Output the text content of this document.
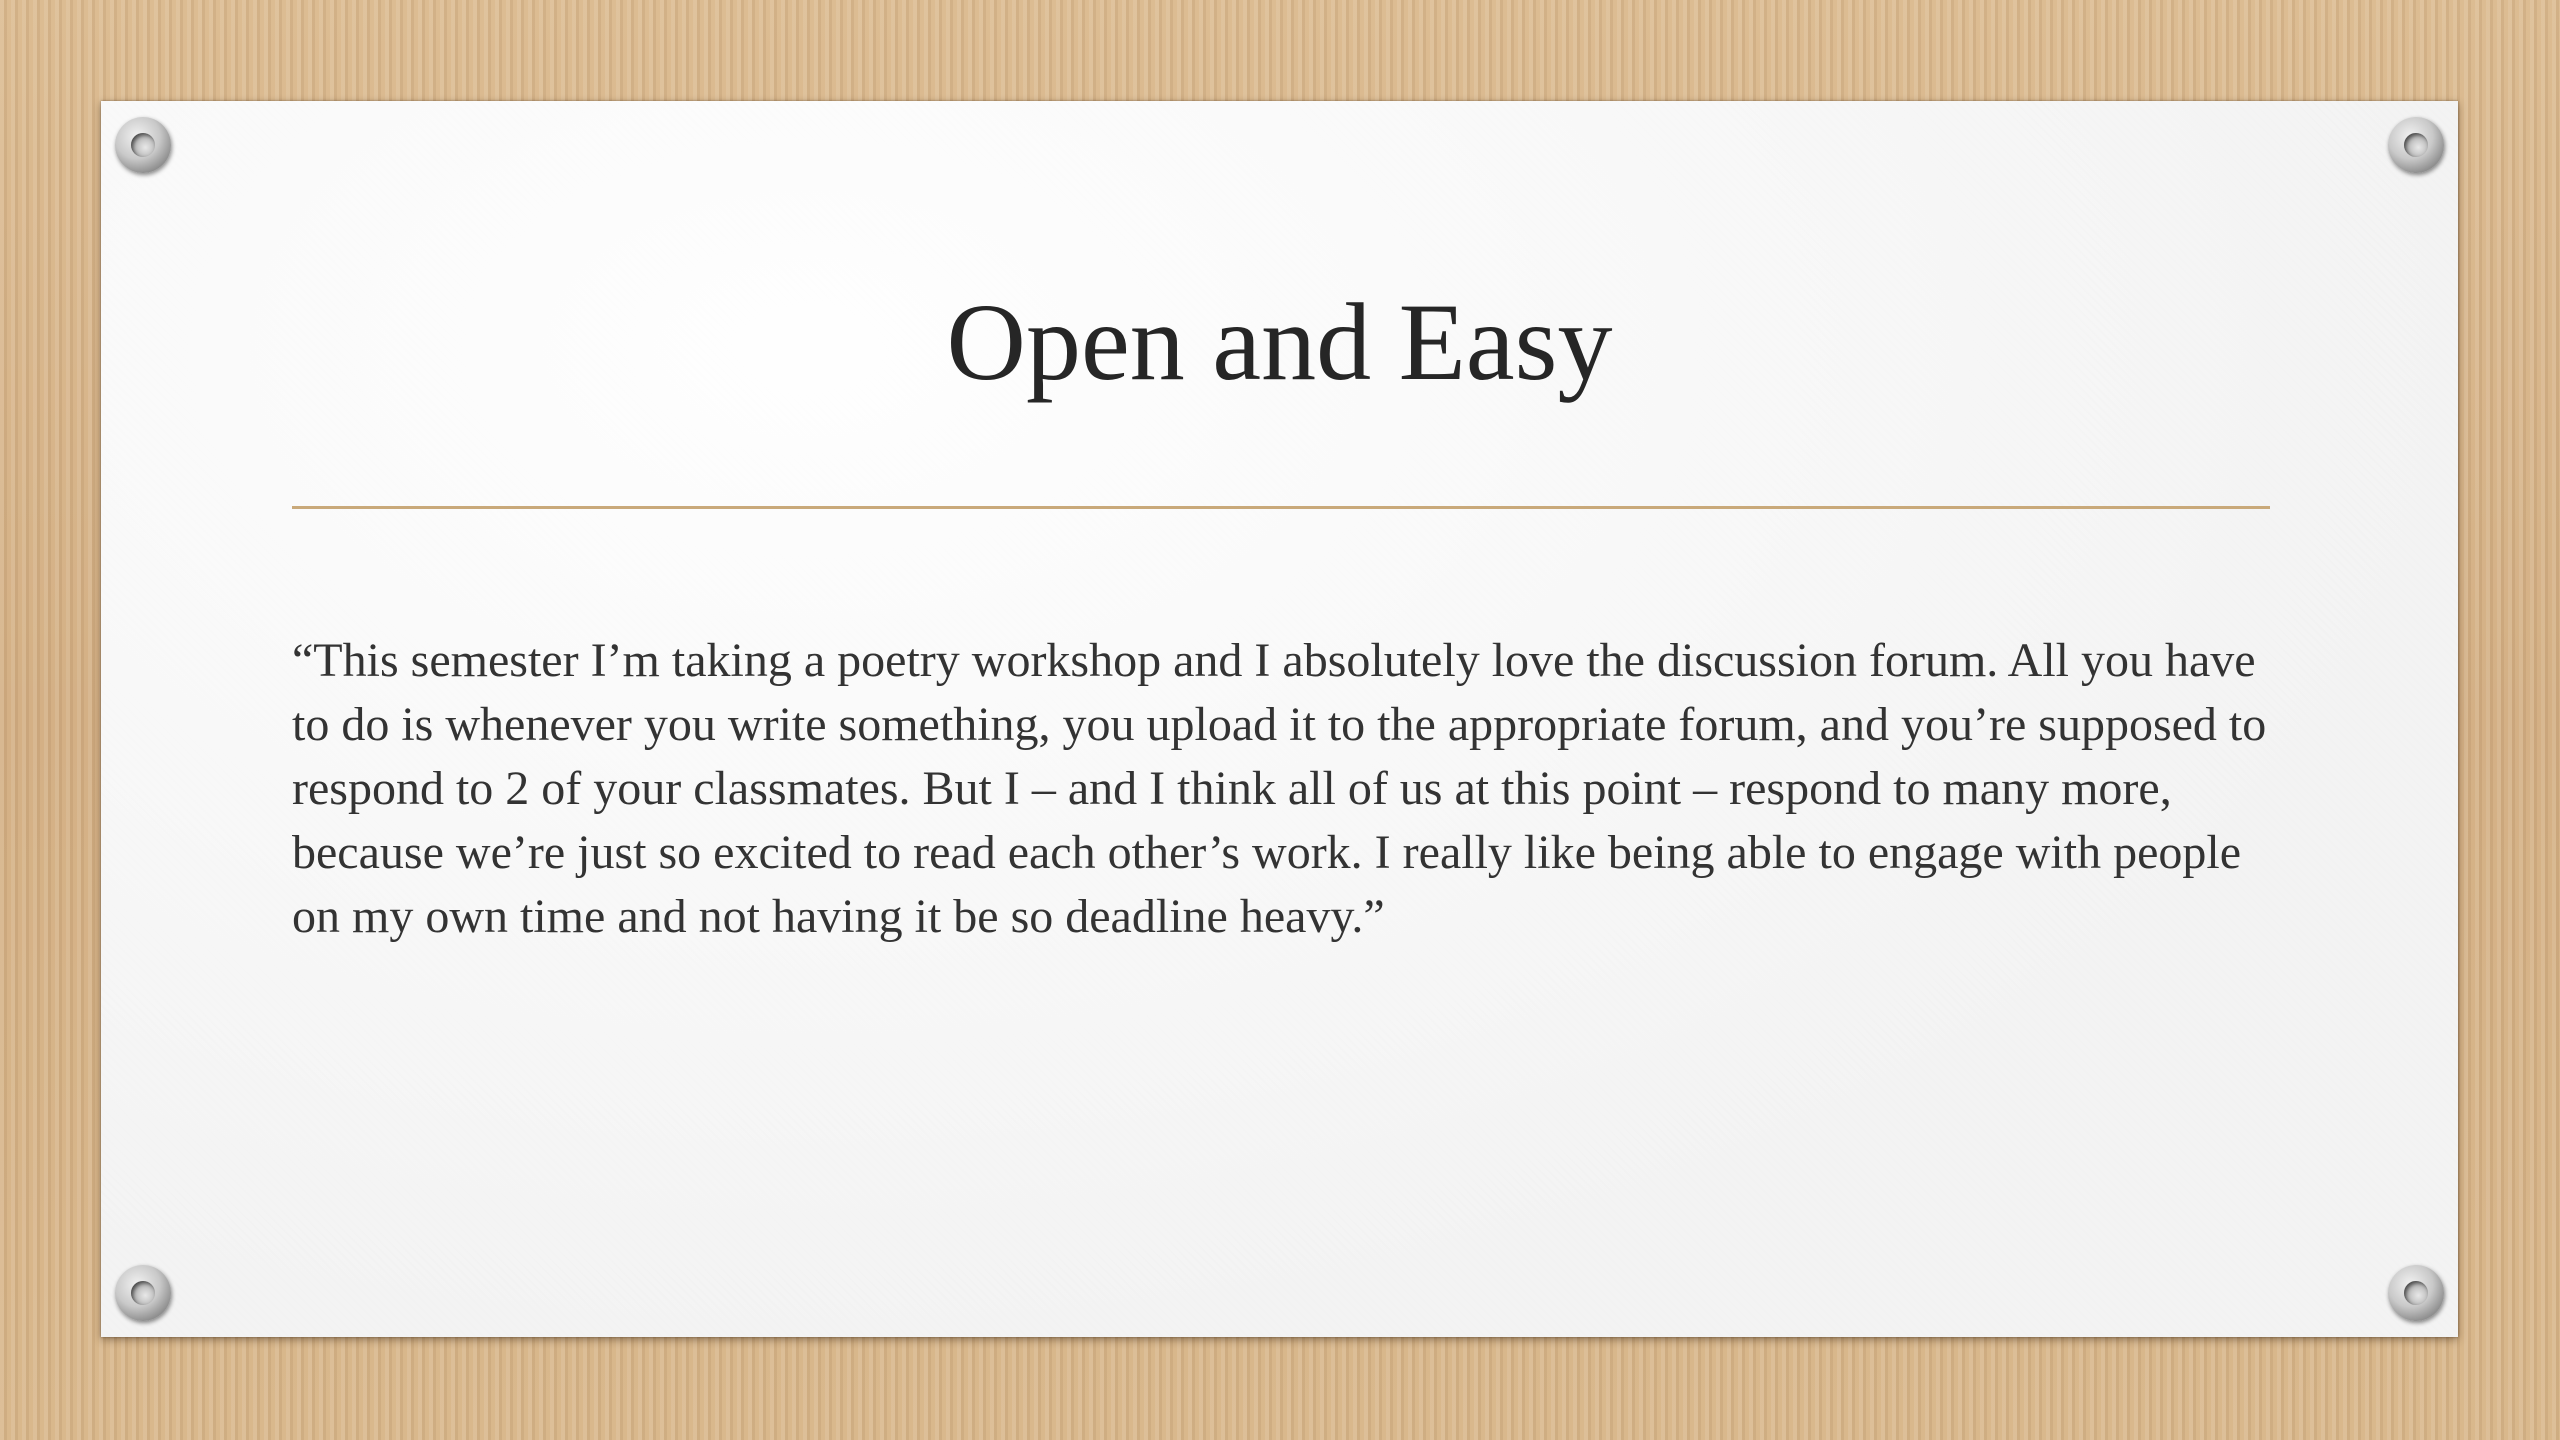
Open and Easy

“This semester I’m taking a poetry workshop and I absolutely love the discussion forum. All you have to do is whenever you write something, you upload it to the appropriate forum, and you’re supposed to respond to 2 of your classmates. But I – and I think all of us at this point – respond to many more, because we’re just so excited to read each other’s work. I really like being able to engage with people on my own time and not having it be so deadline heavy.”
